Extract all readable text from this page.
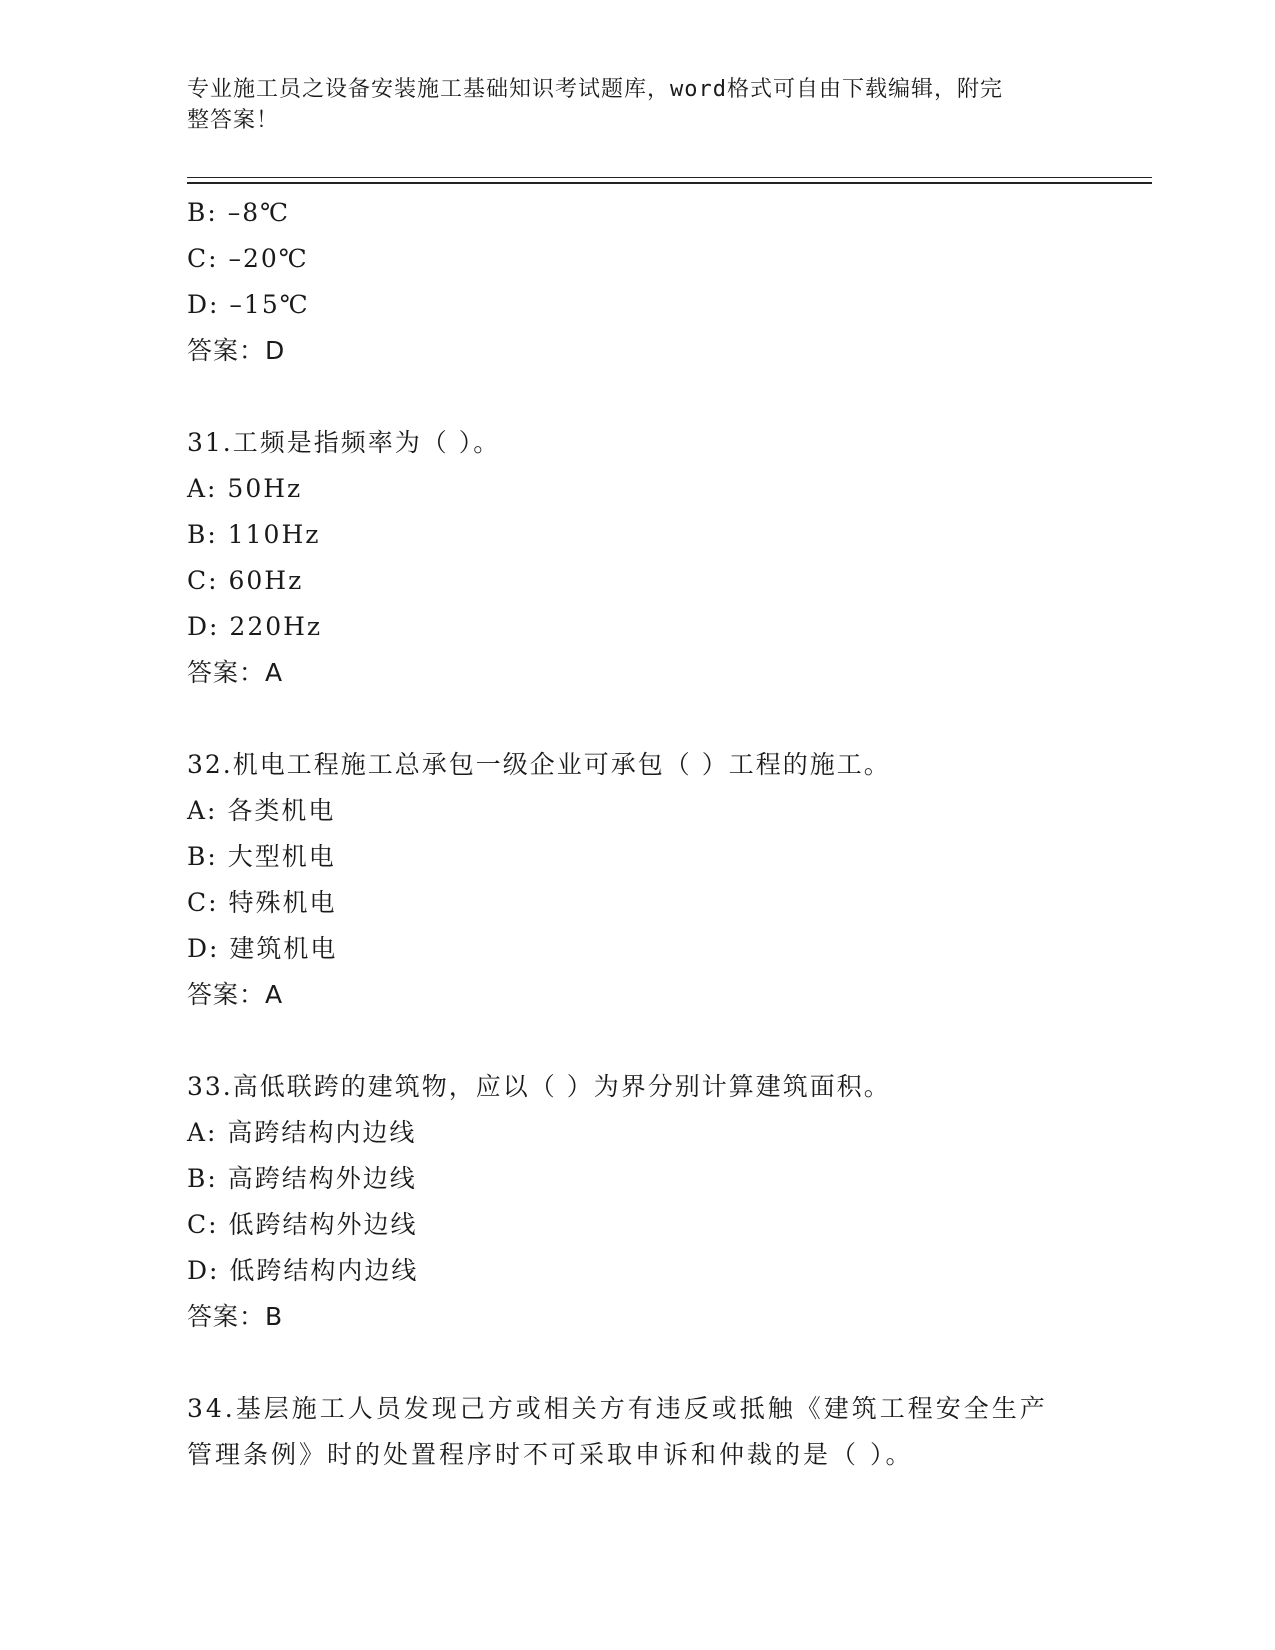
专业施工员之设备安装施工基础知识考试题库，word格式可自由下载编辑，附完
整答案！
B: –8℃
C: –20℃
D: –15℃
答案：D
31.工频是指频率为（ ）。
A: 50Hz
B: 110Hz
C: 60Hz
D: 220Hz
答案：A
32.机电工程施工总承包一级企业可承包（ ）工程的施工。
A: 各类机电
B: 大型机电
C: 特殊机电
D: 建筑机电
答案：A
33.高低联跨的建筑物，应以（ ）为界分别计算建筑面积。
A: 高跨结构内边线
B: 高跨结构外边线
C: 低跨结构外边线
D: 低跨结构内边线
答案：B
34.基层施工人员发现己方或相关方有违反或抵触《建筑工程安全生产
管理条例》时的处置程序时不可采取申诉和仲裁的是（ ）。
